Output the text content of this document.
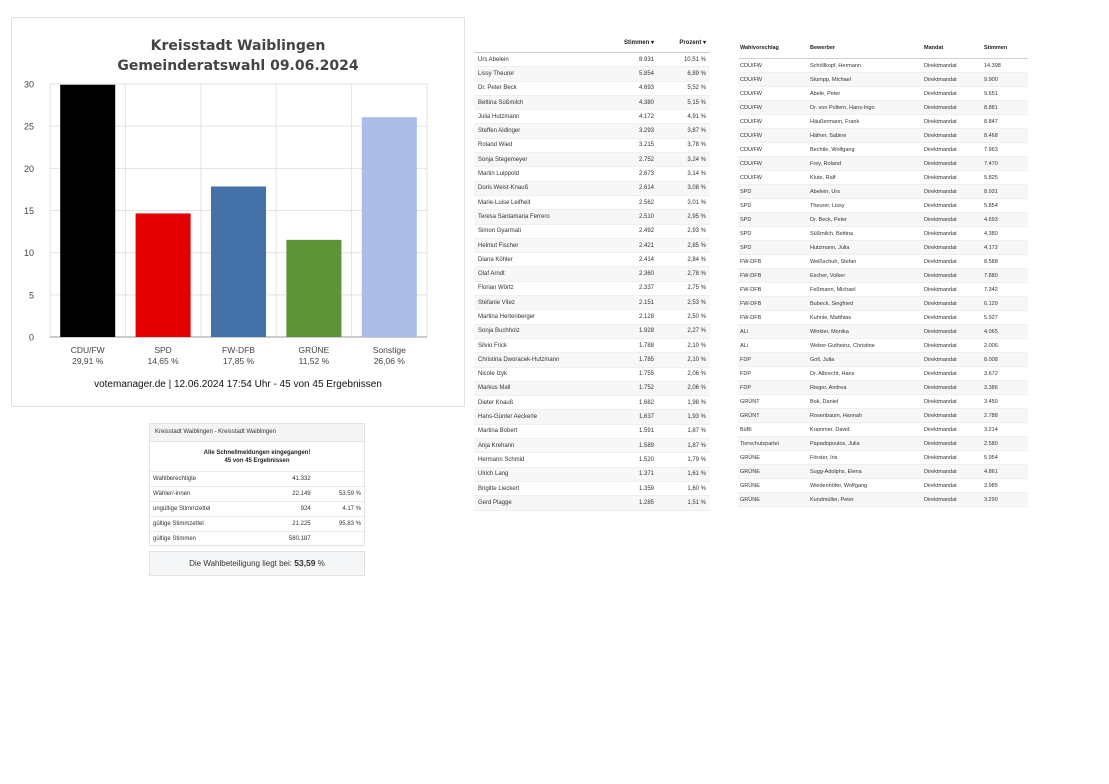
Kreisstadt Waiblingen
Gemeinderatswahl 09.06.2024
0
5
10
15
20
25
30
CDU/FW
29,91 %
SPD
14,65 %
FW-DFB
17,85 %
GRÜNE
11,52 %
Sonstige
26,06 %
votemanager.de | 12.06.2024 17:54 Uhr - 45 von 45 Ergebnissen
Kreisstadt Waiblingen - Kreisstadt Waiblingen
Alle Schnellmeldungen eingegangen!
45 von 45 Ergebnissen
Wahlberechtigte	41.332	
Wähler/-innen	22.149	53.59 %
ungültige Stimmzettel	924	4.17 %
gültige Stimmzettel	21.225	95.83 %
gültige Stimmen	580.187	
Die Wahlbeteiligung liegt bei: 53,59 %
	Stimmen ▾	Prozent ▾
Urs Abelein	8.931	10,51 %
Lissy Theurer	5.854	6,89 %
Dr. Peter Beck	4.693	5,52 %
Bettina Süßmilch	4.380	5,15 %
Julia Hutzmann	4.172	4,91 %
Steffen Aldinger	3.293	3,87 %
Roland Wied	3.215	3,78 %
Sonja Stegemeyer	2.752	3,24 %
Martin Luippold	2.673	3,14 %
Doris Weist-Knauß	2.614	3,08 %
Marie-Luise Leifheit	2.562	3,01 %
Teresa Santamaria Ferrero	2.510	2,95 %
Simon Gyarmati	2.492	2,93 %
Helmut Fischer	2.421	2,85 %
Diana Köhler	2.414	2,84 %
Olaf Arndt	2.360	2,78 %
Florian Wörtz	2.337	2,75 %
Stefanie Vitez	2.151	2,53 %
Martina Hertenberger	2.128	2,50 %
Sonja Buchholz	1.928	2,27 %
Silvio Frick	1.788	2,10 %
Christina Dworacek-Hutzmann	1.785	2,10 %
Nicole Izyk	1.755	2,06 %
Markus Mall	1.752	2,06 %
Dieter Knauß	1.682	1,98 %
Hans-Günter Aeckerle	1.637	1,93 %
Martina Bobert	1.591	1,87 %
Anja Krehann	1.589	1,87 %
Hermann Schmid	1.520	1,79 %
Ulrich Lang	1.371	1,61 %
Brigitte Lieckert	1.359	1,60 %
Gerd Plagge	1.285	1,51 %
Wahlvorschlag	Bewerber	Mandat	Stimmen
CDU/FW	Schöllkopf, Hermann	Direktmandat	14.398
CDU/FW	Stumpp, Michael	Direktmandat	9.900
CDU/FW	Abele, Peter	Direktmandat	9.651
CDU/FW	Dr. von Pollern, Hans-Ingo	Direktmandat	8.881
CDU/FW	Häußermann, Frank	Direktmandat	8.847
CDU/FW	Häfner, Sabine	Direktmandat	8.468
CDU/FW	Bechtle, Wolfgang	Direktmandat	7.963
CDU/FW	Frey, Roland	Direktmandat	7.470
CDU/FW	Klute, Ralf	Direktmandat	5.825
SPD	Abelein, Urs	Direktmandat	8.931
SPD	Theurer, Lissy	Direktmandat	5.854
SPD	Dr. Beck, Peter	Direktmandat	4.693
SPD	Süßmilch, Bettina	Direktmandat	4.380
SPD	Hutzmann, Julia	Direktmandat	4.172
FW-DFB	Weißschuh, Stefan	Direktmandat	8.588
FW-DFB	Escher, Volker	Direktmandat	7.880
FW-DFB	Feßmann, Michael	Direktmandat	7.342
FW-DFB	Bubeck, Siegfried	Direktmandat	6.129
FW-DFB	Kuhnle, Matthias	Direktmandat	5.927
ALi	Winkler, Monika	Direktmandat	4.065
ALi	Weber-Gutheinz, Christine	Direktmandat	2.006
FDP	Goll, Julia	Direktmandat	8.008
FDP	Dr. Albrecht, Hans	Direktmandat	3.672
FDP	Rieger, Andrea	Direktmandat	3.386
GRÜNT	Bok, Daniel	Direktmandat	3.450
GRÜNT	Rosenbaum, Hannah	Direktmandat	2.788
BüBi	Krammer, David	Direktmandat	3.214
Tierschutzpartei	Papadopoulos, Julia	Direktmandat	2.580
GRÜNE	Förster, Iris	Direktmandat	5.954
GRÜNE	Sugg-Adolphs, Elena	Direktmandat	4.861
GRÜNE	Wiedenhöfer, Wolfgang	Direktmandat	3.985
GRÜNE	Kundmüller, Peter	Direktmandat	3.290
